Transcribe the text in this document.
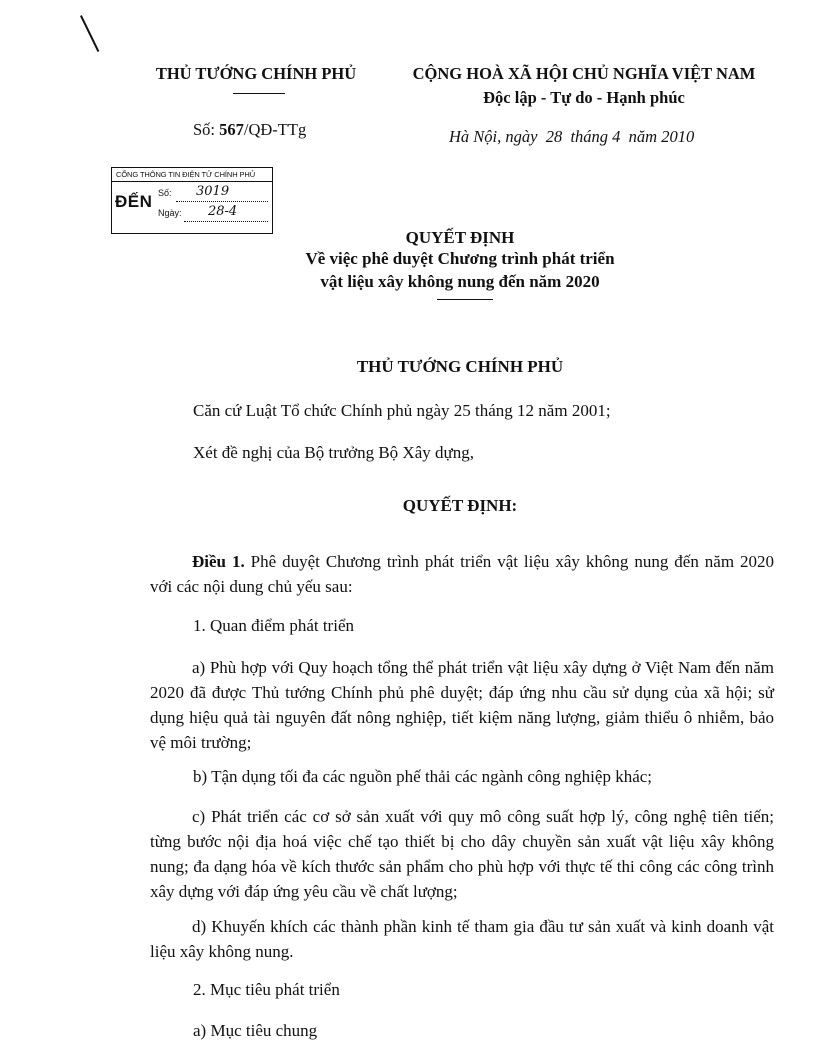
THỦ TƯỚNG CHÍNH PHỦ
Số: 567/QĐ-TTg
CỘNG HOÀ XÃ HỘI CHỦ NGHĨA VIỆT NAM
Độc lập - Tự do - Hạnh phúc
Hà Nội, ngày  28  tháng 4  năm 2010
CỔNG THÔNG TIN ĐIỆN TỬ CHÍNH PHỦ
ĐẾN Số: 3019
Ngày: 28-4
QUYẾT ĐỊNH
Về việc phê duyệt Chương trình phát triển
vật liệu xây không nung đến năm 2020
THỦ TƯỚNG CHÍNH PHỦ
Căn cứ Luật Tổ chức Chính phủ ngày 25 tháng 12 năm 2001;
Xét đề nghị của Bộ trưởng Bộ Xây dựng,
QUYẾT ĐỊNH:
Điều 1. Phê duyệt Chương trình phát triển vật liệu xây không nung đến năm 2020 với các nội dung chủ yếu sau:
1. Quan điểm phát triển
a) Phù hợp với Quy hoạch tổng thể phát triển vật liệu xây dựng ở Việt Nam đến năm 2020 đã được Thủ tướng Chính phủ phê duyệt; đáp ứng nhu cầu sử dụng của xã hội; sử dụng hiệu quả tài nguyên đất nông nghiệp, tiết kiệm năng lượng, giảm thiểu ô nhiễm, bảo vệ môi trường;
b) Tận dụng tối đa các nguồn phế thải các ngành công nghiệp khác;
c) Phát triển các cơ sở sản xuất với quy mô công suất hợp lý, công nghệ tiên tiến; từng bước nội địa hoá việc chế tạo thiết bị cho dây chuyền sản xuất vật liệu xây không nung; đa dạng hóa về kích thước sản phẩm cho phù hợp với thực tế thi công các công trình xây dựng với đáp ứng yêu cầu về chất lượng;
d) Khuyến khích các thành phần kinh tế tham gia đầu tư sản xuất và kinh doanh vật liệu xây không nung.
2. Mục tiêu phát triển
a) Mục tiêu chung
